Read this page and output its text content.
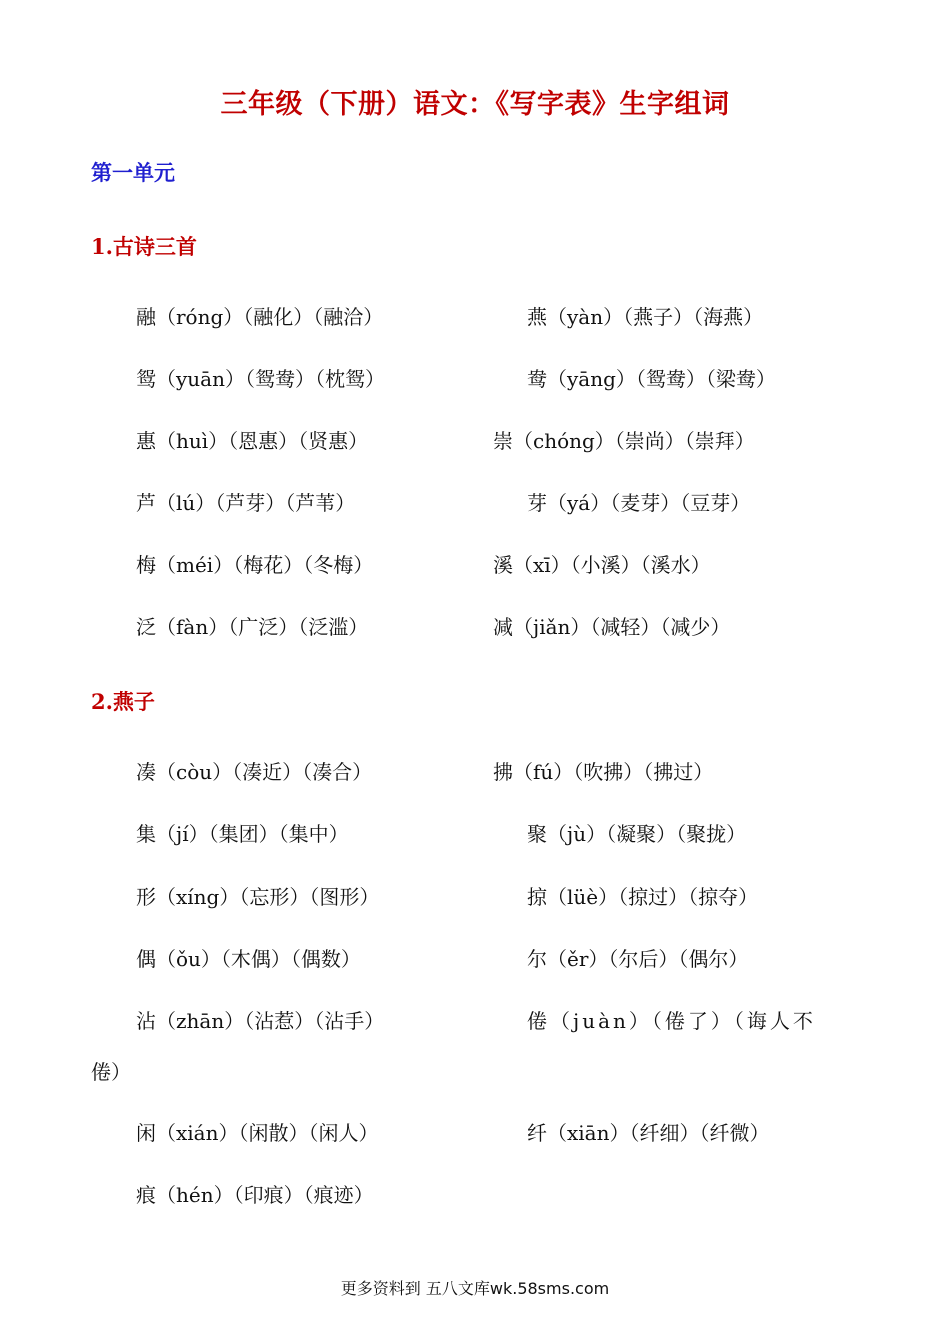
三年级（下册）语文：《写字表》生字组词
第一单元
1.古诗三首
融（róng）（融化）（融洽）	燕（yàn）（燕子）（海燕）
鸳（yuān）（鸳鸯）（枕鸳）	鸯（yāng）（鸳鸯）（梁鸯）
惠（huì）（恩惠）（贤惠）	崇（chóng）（崇尚）（崇拜）
芦（lú）（芦芽）（芦苇）	芽（yá）（麦芽）（豆芽）
梅（méi）（梅花）（冬梅）	溪（xī）（小溪）（溪水）
泛（fàn）（广泛）（泛滥）	减（jiǎn）（减轻）（减少）
2.燕子
凑（còu）（凑近）（凑合）	拂（fú）（吹拂）（拂过）
集（jí）（集团）（集中）	聚（jù）（凝聚）（聚拢）
形（xíng）（忘形）（图形）	掠（lüè）（掠过）（掠夺）
偶（ǒu）（木偶）（偶数）	尔（ěr）（尔后）（偶尔）
沾（zhān）（沾惹）（沾手）	倦（juàn）（倦了）（诲人不
倦）
闲（xián）（闲散）（闲人）	纤（xiān）（纤细）（纤微）
痕（hén）（印痕）（痕迹）
更多资料到 五八文库wk.58sms.com
